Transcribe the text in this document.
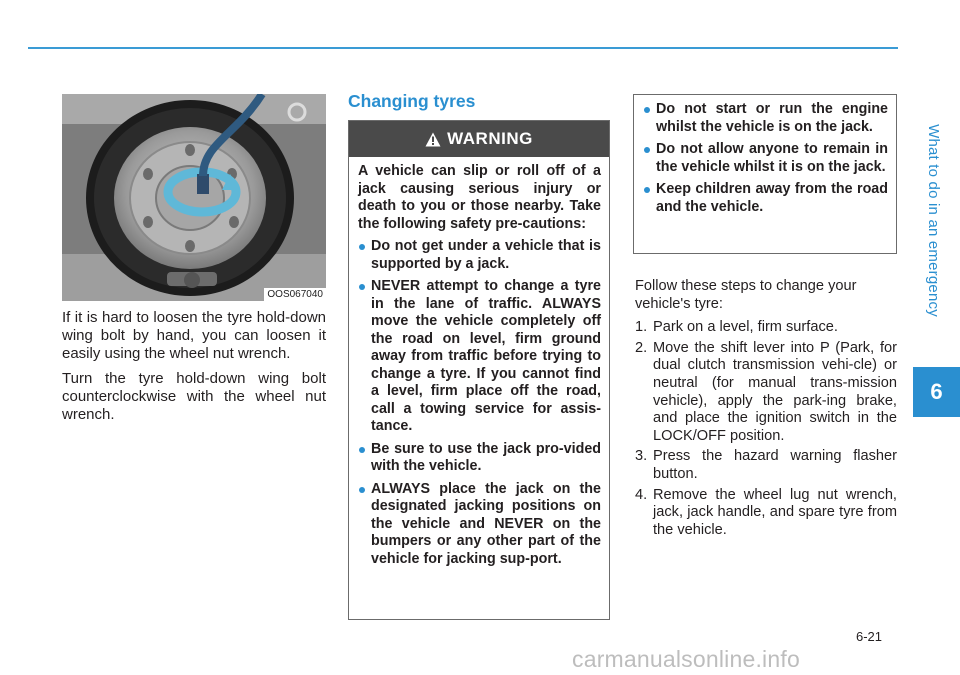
What to do in an emergency
6
OOS067040

If it is hard to loosen the tyre hold-down wing bolt by hand, you can loosen it easily using the wheel nut wrench.

Turn the tyre hold-down wing bolt counterclockwise with the wheel nut wrench.

Changing tyres
WARNING

A vehicle can slip or roll off of a jack causing serious injury or death to you or those nearby. Take the following safety pre-cautions:

Do not get under a vehicle that is supported by a jack.
NEVER attempt to change a tyre in the lane of traffic. ALWAYS move the vehicle completely off the road on level, firm ground away from traffic before trying to change a tyre. If you cannot find a level, firm place off the road, call a towing service for assis-tance.
Be sure to use the jack pro-vided with the vehicle.
ALWAYS place the jack on the designated jacking positions on the vehicle and NEVER on the bumpers or any other part of the vehicle for jacking sup-port.
Do not start or run the engine whilst the vehicle is on the jack.
Do not allow anyone to remain in the vehicle whilst it is on the jack.
Keep children away from the road and the vehicle.

Follow these steps to change your vehicle's tyre:

1. Park on a level, firm surface.
2. Move the shift lever into P (Park, for dual clutch transmission vehi-cle) or neutral (for manual trans-mission vehicle), apply the park-ing brake, and place the ignition switch in the LOCK/OFF position.
3. Press the hazard warning flasher button.
4. Remove the wheel lug nut wrench, jack, jack handle, and spare tyre from the vehicle.
6-21
carmanualsonline.info
